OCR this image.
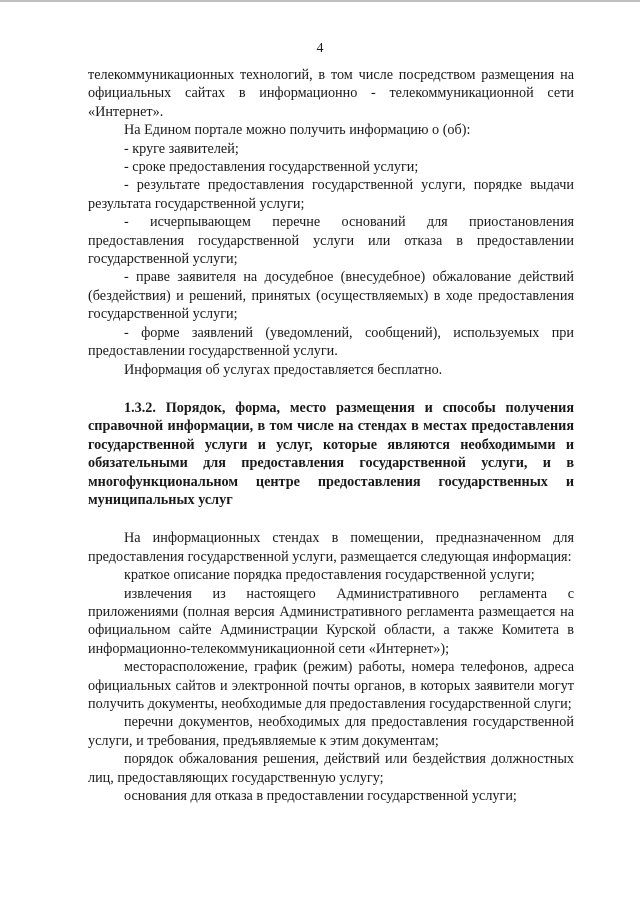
4

телекоммуникационных технологий, в том числе посредством размещения на официальных сайтах в информационно - телекоммуникационной сети «Интернет».

На Едином портале можно получить информацию о (об):

- круге заявителей;

- сроке предоставления государственной услуги;

- результате предоставления государственной услуги, порядке выдачи результата государственной услуги;

- исчерпывающем перечне оснований для приостановления предоставления государственной услуги или отказа в предоставлении государственной услуги;

- праве заявителя на досудебное (внесудебное) обжалование действий (бездействия) и решений, принятых (осуществляемых) в ходе предоставления государственной услуги;

- форме заявлений (уведомлений, сообщений), используемых при предоставлении государственной услуги.

Информация об услугах предоставляется бесплатно.

1.3.2. Порядок, форма, место размещения и способы получения справочной информации, в том числе на стендах в местах предоставления государственной услуги и услуг, которые являются необходимыми и обязательными для предоставления государственной услуги, и в многофункциональном центре предоставления государственных и муниципальных услуг

На информационных стендах в помещении, предназначенном для предоставления государственной услуги, размещается следующая информация:

краткое описание порядка предоставления государственной услуги;

извлечения из настоящего Административного регламента с приложениями (полная версия Административного регламента размещается на официальном сайте Администрации Курской области, а также Комитета в информационно-телекоммуникационной сети «Интернет»);

месторасположение, график (режим) работы, номера телефонов, адреса официальных сайтов и электронной почты органов, в которых заявители могут получить документы, необходимые для предоставления государственной слуги;

перечни документов, необходимых для предоставления государственной услуги, и требования, предъявляемые к этим документам;

порядок обжалования решения, действий или бездействия должностных лиц, предоставляющих государственную услугу;

основания для отказа в предоставлении государственной услуги;
